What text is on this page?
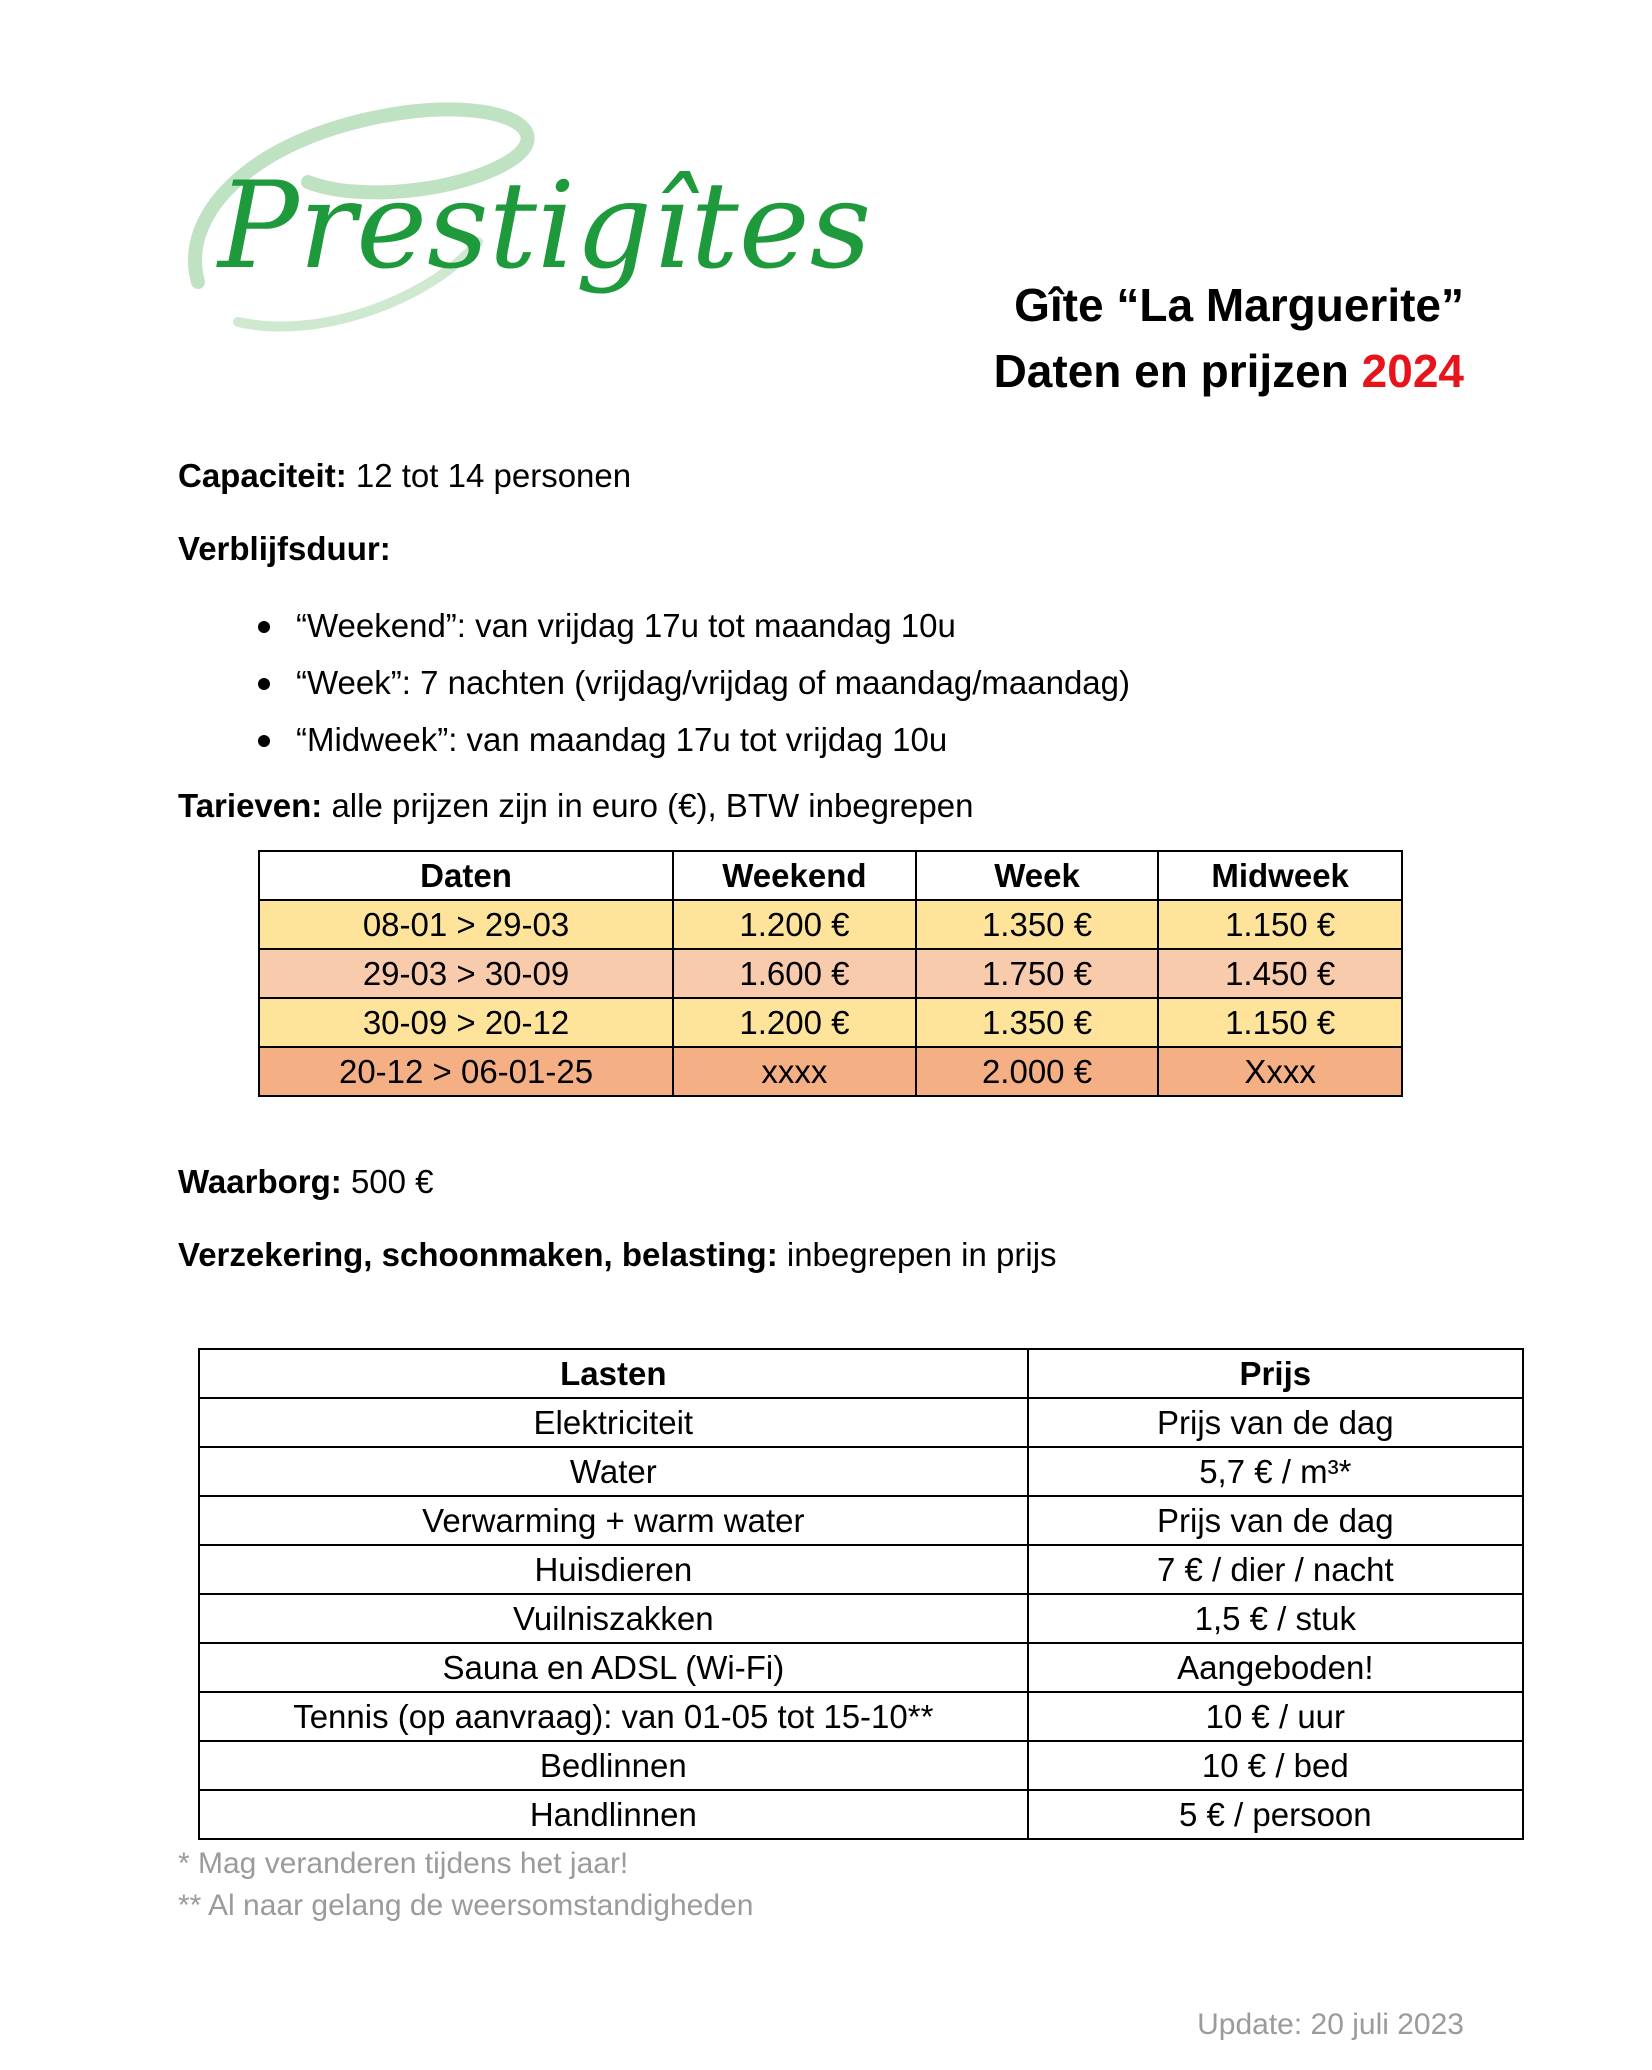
Prestigîtes
Gîte “La Marguerite”
Daten en prijzen 2024
Capaciteit: 12 tot 14 personen
Verblijfsduur:
“Weekend”: van vrijdag 17u tot maandag 10u
“Week”: 7 nachten (vrijdag/vrijdag of maandag/maandag)
“Midweek”: van maandag 17u tot vrijdag 10u
Tarieven: alle prijzen zijn in euro (€), BTW inbegrepen
Daten	Weekend	Week	Midweek
08-01 > 29-03	1.200 €	1.350 €	1.150 €
29-03 > 30-09	1.600 €	1.750 €	1.450 €
30-09 > 20-12	1.200 €	1.350 €	1.150 €
20-12 > 06-01-25	xxxx	2.000 €	Xxxx
Waarborg: 500 €
Verzekering, schoonmaken, belasting: inbegrepen in prijs
Lasten	Prijs
Elektriciteit	Prijs van de dag
Water	5,7 € / m³*
Verwarming + warm water	Prijs van de dag
Huisdieren	7 € / dier / nacht
Vuilniszakken	1,5 € / stuk
Sauna en ADSL (Wi-Fi)	Aangeboden!
Tennis (op aanvraag): van 01-05 tot 15-10**	10 € / uur
Bedlinnen	10 € / bed
Handlinnen	5 € / persoon
* Mag veranderen tijdens het jaar!
** Al naar gelang de weersomstandigheden
Update: 20 juli 2023
